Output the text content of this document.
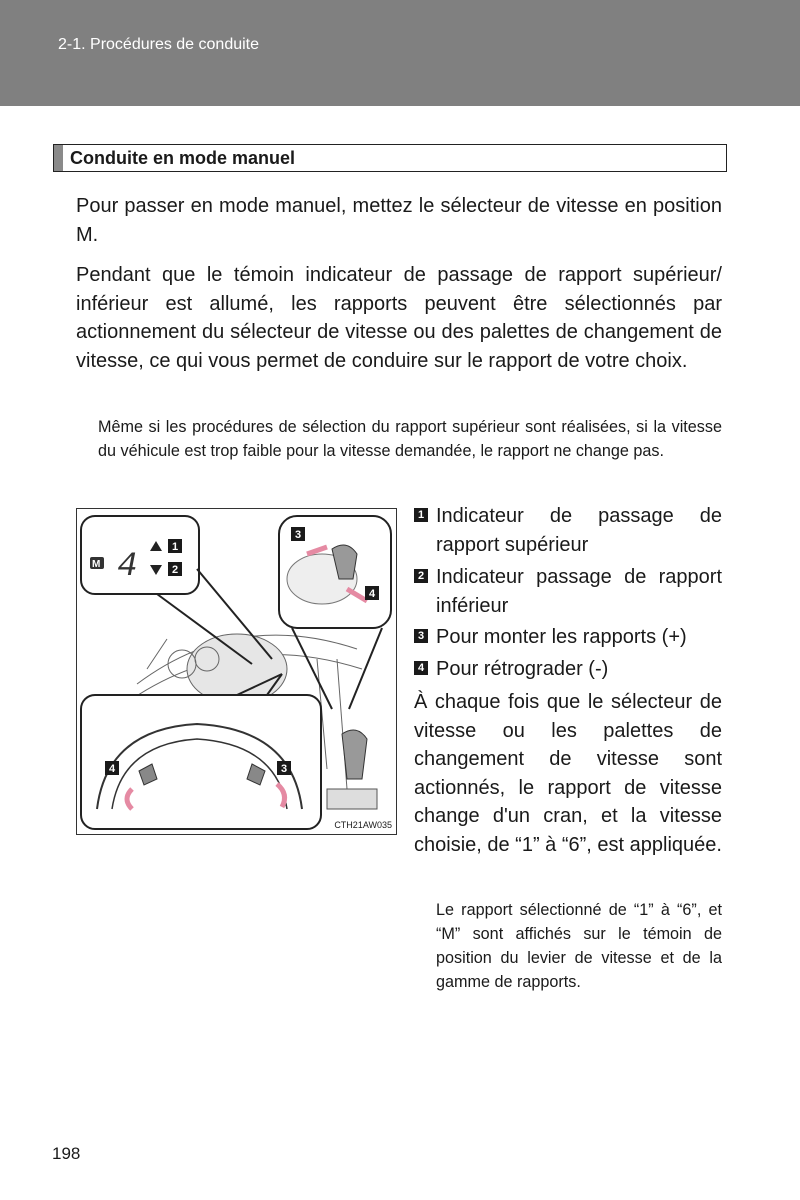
2-1. Procédures de conduite
Conduite en mode manuel
Pour passer en mode manuel, mettez le sélecteur de vitesse en position M.
Pendant que le témoin indicateur de passage de rapport supérieur/ inférieur est allumé, les rapports peuvent être sélectionnés par actionnement du sélecteur de vitesse ou des palettes de changement de vitesse, ce qui vous permet de conduire sur le rapport de votre choix.
Même si les procédures de sélection du rapport supérieur sont réalisées, si la vitesse du véhicule est trop faible pour la vitesse demandée, le rapport ne change pas.
M 4
1
2
3
4
4	3
CTH21AW035
1 Indicateur de passage de rapport supérieur
2 Indicateur passage de rapport inférieur
3 Pour monter les rapports (+)
4 Pour rétrograder (-)
À chaque fois que le sélecteur de vitesse ou les palettes de changement de vitesse sont actionnés, le rapport de vitesse change d'un cran, et la vitesse choisie, de “1” à “6”, est appliquée.
Le rapport sélectionné de “1” à “6”, et “M” sont affichés sur le témoin de position du levier de vitesse et de la gamme de rapports.
198
